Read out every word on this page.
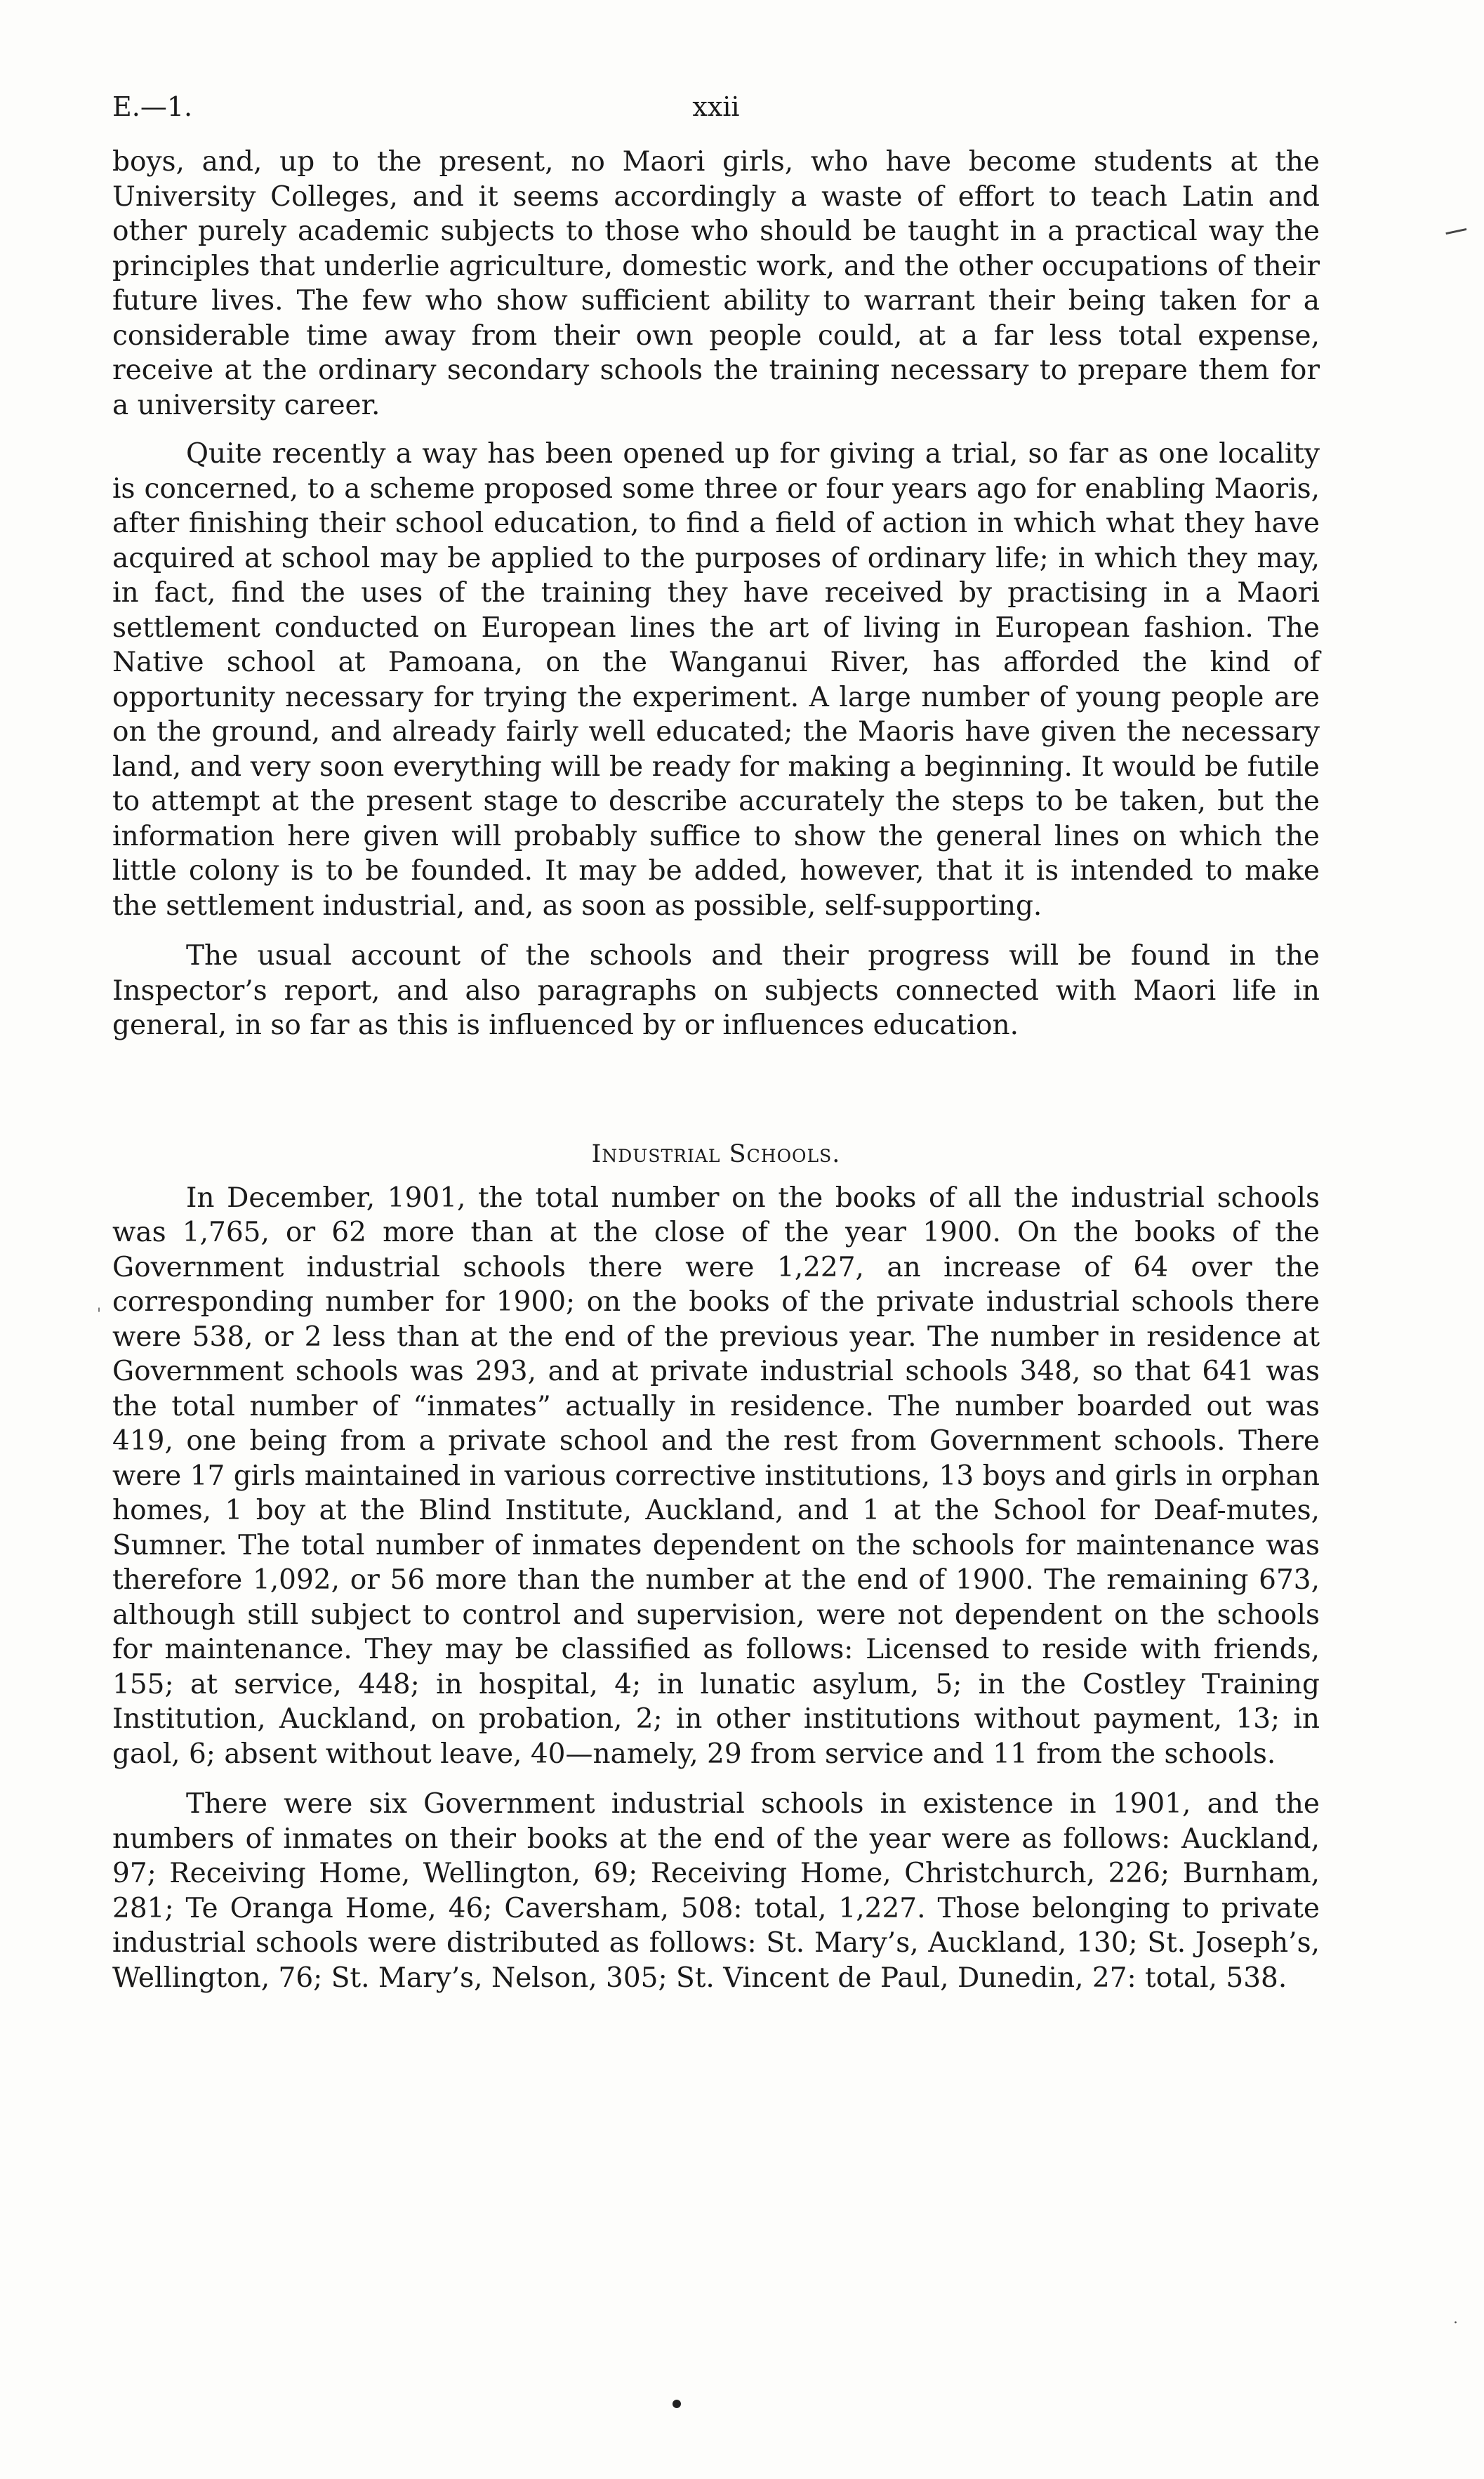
E.—1.	xxii

boys, and, up to the present, no Maori girls, who have become students at the University Colleges, and it seems accordingly a waste of effort to teach Latin and other purely academic subjects to those who should be taught in a practical way the principles that underlie agriculture, domestic work, and the other occupations of their future lives. The few who show sufficient ability to warrant their being taken for a considerable time away from their own people could, at a far less total expense, receive at the ordinary secondary schools the training necessary to prepare them for a university career.

Quite recently a way has been opened up for giving a trial, so far as one locality is concerned, to a scheme proposed some three or four years ago for enabling Maoris, after finishing their school education, to find a field of action in which what they have acquired at school may be applied to the purposes of ordinary life; in which they may, in fact, find the uses of the training they have received by practising in a Maori settlement conducted on European lines the art of living in European fashion. The Native school at Pamoana, on the Wanganui River, has afforded the kind of opportunity necessary for trying the experiment. A large number of young people are on the ground, and already fairly well educated; the Maoris have given the necessary land, and very soon everything will be ready for making a beginning. It would be futile to attempt at the present stage to describe accurately the steps to be taken, but the information here given will probably suffice to show the general lines on which the little colony is to be founded. It may be added, however, that it is intended to make the settlement industrial, and, as soon as possible, self-supporting.

The usual account of the schools and their progress will be found in the Inspector’s report, and also paragraphs on subjects connected with Maori life in general, in so far as this is influenced by or influences education.

Industrial Schools.

In December, 1901, the total number on the books of all the industrial schools was 1,765, or 62 more than at the close of the year 1900. On the books of the Government industrial schools there were 1,227, an increase of 64 over the corresponding number for 1900; on the books of the private industrial schools there were 538, or 2 less than at the end of the previous year. The number in residence at Government schools was 293, and at private industrial schools 348, so that 641 was the total number of “inmates” actually in residence. The number boarded out was 419, one being from a private school and the rest from Government schools. There were 17 girls maintained in various corrective institutions, 13 boys and girls in orphan homes, 1 boy at the Blind Institute, Auckland, and 1 at the School for Deaf-mutes, Sumner. The total number of inmates dependent on the schools for maintenance was therefore 1,092, or 56 more than the number at the end of 1900. The remaining 673, although still subject to control and supervision, were not dependent on the schools for maintenance. They may be classified as follows: Licensed to reside with friends, 155; at service, 448; in hospital, 4; in lunatic asylum, 5; in the Costley Training Institution, Auckland, on probation, 2; in other institutions without payment, 13; in gaol, 6; absent without leave, 40—namely, 29 from service and 11 from the schools.

There were six Government industrial schools in existence in 1901, and the numbers of inmates on their books at the end of the year were as follows: Auckland, 97; Receiving Home, Wellington, 69; Receiving Home, Christchurch, 226; Burnham, 281; Te Oranga Home, 46; Caversham, 508: total, 1,227. Those belonging to private industrial schools were distributed as follows: St. Mary’s, Auckland, 130; St. Joseph’s, Wellington, 76; St. Mary’s, Nelson, 305; St. Vincent de Paul, Dunedin, 27: total, 538.

'
.
